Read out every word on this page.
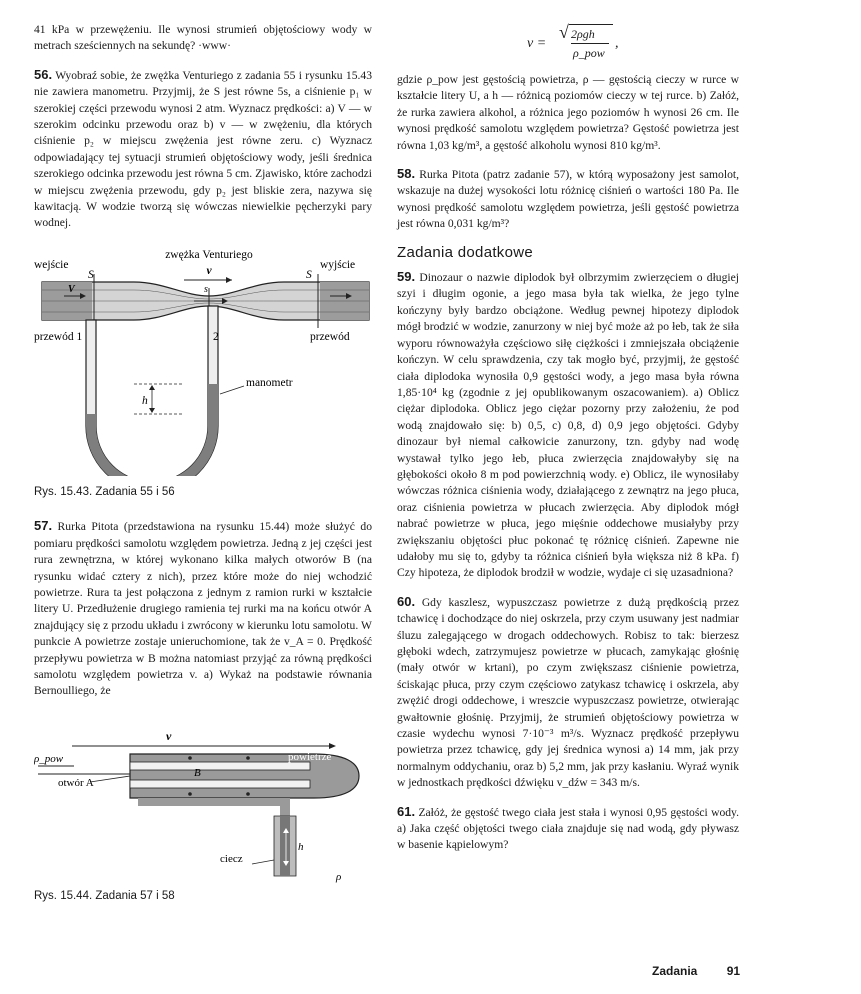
41 kPa w przewężeniu. Ile wynosi strumień objętościowy wody w metrach sześciennych na sekundę? ·www·

56. Wyobraź sobie, że zwężka Venturiego z zadania 55 i rysunku 15.43 nie zawiera manometru. Przyjmij, że S jest równe 5s, a ciśnienie p₁ w szerokiej części przewodu wynosi 2 atm. Wyznacz prędkości: a) V — w szerokim odcinku przewodu oraz b) v — w zwężeniu, dla których ciśnienie p₂ w miejscu zwężenia jest równe zeru. c) Wyznacz odpowiadający tej sytuacji strumień objętościowy wody, jeśli średnica szerokiego odcinka przewodu jest równa 5 cm. Zjawisko, które zachodzi w miejscu zwężenia przewodu, gdy p₂ jest bliskie zera, nazywa się kawitacją. W wodzie tworzą się wówczas niewielkie pęcherzyki pary wodnej.

zwężka Venturiego
wejście	wyjście
S	S
v
V	s
przewód 1	przewód
2
h
manometr

Rys. 15.43. Zadania 55 i 56

57. Rurka Pitota (przedstawiona na rysunku 15.44) może służyć do pomiaru prędkości samolotu względem powietrza. Jedną z jej części jest rura zewnętrzna, w której wykonano kilka małych otworów B (na rysunku widać cztery z nich), przez które może do niej wchodzić powietrze. Rura ta jest połączona z jednym z ramion rurki w kształcie litery U. Przedłużenie drugiego ramienia tej rurki ma na końcu otwór A znajdujący się z przodu układu i zwrócony w kierunku lotu samolotu. W punkcie A powietrze zostaje unieruchomione, tak że v_A = 0. Prędkość przepływu powietrza w B można natomiast przyjąć za równą prędkości samolotu względem powietrza v. a) Wykaż na podstawie równania Bernoulliego, że

v
ρ_pow
otwór A
powietrze
B
ciecz
h
ρ

Rys. 15.44. Zadania 57 i 58

v =
√ 2ρgh
ρ_pow
,

gdzie ρ_pow jest gęstością powietrza, ρ — gęstością cieczy w rurce w kształcie litery U, a h — różnicą poziomów cieczy w tej rurce. b) Załóż, że rurka zawiera alkohol, a różnica jego poziomów h wynosi 26 cm. Ile wynosi prędkość samolotu względem powietrza? Gęstość powietrza jest równa 1,03 kg/m³, a gęstość alkoholu wynosi 810 kg/m³.

58. Rurka Pitota (patrz zadanie 57), w którą wyposażony jest samolot, wskazuje na dużej wysokości lotu różnicę ciśnień o wartości 180 Pa. Ile wynosi prędkość samolotu względem powietrza, jeśli gęstość powietrza jest równa 0,031 kg/m³?

Zadania dodatkowe

59. Dinozaur o nazwie diplodok był olbrzymim zwierzęciem o długiej szyi i długim ogonie, a jego masa była tak wielka, że jego tylne kończyny były bardzo obciążone. Według pewnej hipotezy diplodok mógł brodzić w wodzie, zanurzony w niej być może aż po łeb, tak że siła wyporu równoważyła częściowo siłę ciężkości i zmniejszała obciążenie kończyn. W celu sprawdzenia, czy tak mogło być, przyjmij, że gęstość ciała diplodoka wynosiła 0,9 gęstości wody, a jego masa była równa 1,85·10⁴ kg (zgodnie z jej opublikowanym oszacowaniem). a) Oblicz ciężar diplodoka. Oblicz jego ciężar pozorny przy założeniu, że pod wodą znajdowało się: b) 0,5, c) 0,8, d) 0,9 jego objętości. Gdyby dinozaur był niemal całkowicie zanurzony, tzn. gdyby nad wodę wystawał tylko jego łeb, płuca zwierzęcia znajdowałyby się na głębokości około 8 m pod powierzchnią wody. e) Oblicz, ile wynosiłaby wówczas różnica ciśnienia wody, działającego z zewnątrz na jego płuca, oraz ciśnienia powietrza w płucach zwierzęcia. Aby diplodok mógł nabrać powietrze w płuca, jego mięśnie oddechowe musiałyby przy zwiększaniu objętości płuc pokonać tę różnicę ciśnień. Zapewne nie udałoby mu się to, gdyby ta różnica ciśnień była większa niż 8 kPa. f) Czy hipoteza, że diplodok brodził w wodzie, wydaje ci się uzasadniona?

60. Gdy kaszlesz, wypuszczasz powietrze z dużą prędkością przez tchawicę i dochodzące do niej oskrzela, przy czym usuwany jest nadmiar śluzu zalegającego w drogach oddechowych. Robisz to tak: bierzesz głęboki wdech, zatrzymujesz powietrze w płucach, zamykając głośnię (mały otwór w krtani), po czym zwiększasz ciśnienie powietrza, ściskając płuca, przy czym częściowo zatykasz tchawicę i oskrzela, aby zwężić drogi oddechowe, i wreszcie wypuszczasz powietrze, otwierając gwałtownie głośnię. Przyjmij, że strumień objętościowy powietrza w czasie wydechu wynosi 7·10⁻³ m³/s. Wyznacz prędkość przepływu powietrza przez tchawicę, gdy jej średnica wynosi a) 14 mm, jak przy normalnym oddychaniu, oraz b) 5,2 mm, jak przy kasłaniu. Wyraź wynik w jednostkach prędkości dźwięku v_dźw = 343 m/s.

61. Załóż, że gęstość twego ciała jest stała i wynosi 0,95 gęstości wody. a) Jaka część objętości twego ciała znajduje się nad wodą, gdy pływasz w basenie kąpielowym?

Zadania 91
